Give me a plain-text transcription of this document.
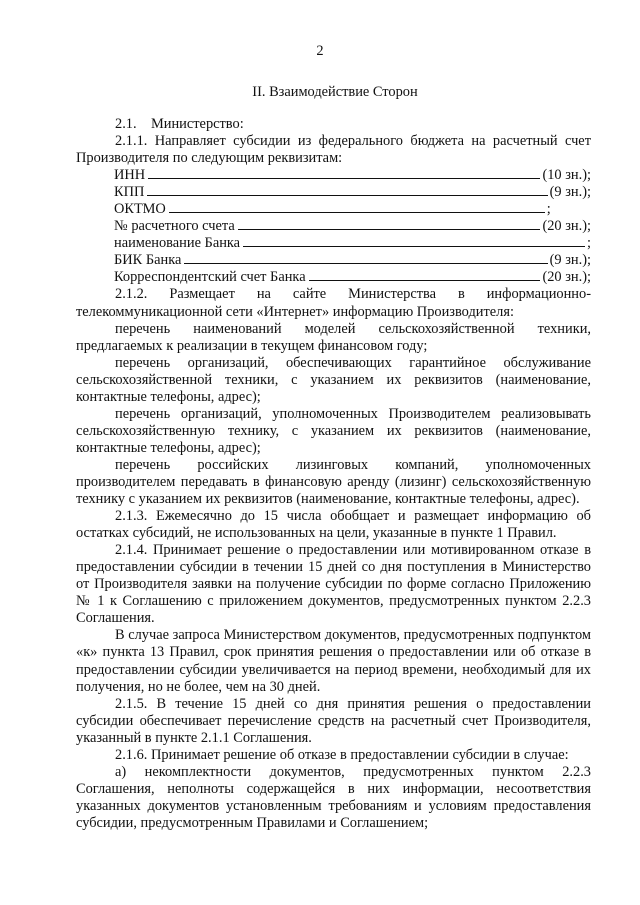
2
II. Взаимодействие Сторон

2.1.    Министерство:

2.1.1. Направляет субсидии из федерального бюджета на расчетный счет Производителя по следующим реквизитам:

ИНН	(10 зн.);
КПП	(9 зн.);
ОКТМО	;
№ расчетного счета	(20 зн.);
наименование Банка	;
БИК Банка	(9 зн.);
Корреспондентский счет Банка	(20 зн.);

2.1.2. Размещает на сайте Министерства в информационно-телекоммуникационной сети «Интернет» информацию Производителя:

перечень наименований моделей сельскохозяйственной техники, предлагаемых к реализации в текущем финансовом году;

перечень организаций, обеспечивающих гарантийное обслуживание сельскохозяйственной техники, с указанием их реквизитов (наименование, контактные телефоны, адрес);

перечень организаций, уполномоченных Производителем реализовывать сельскохозяйственную технику, с указанием их реквизитов (наименование, контактные телефоны, адрес);

перечень российских лизинговых компаний, уполномоченных производителем передавать в финансовую аренду (лизинг) сельскохозяйственную технику с указанием их реквизитов (наименование, контактные телефоны, адрес).

2.1.3. Ежемесячно до 15 числа обобщает и размещает информацию об остатках субсидий, не использованных на цели, указанные в пункте 1 Правил.

2.1.4. Принимает решение о предоставлении или мотивированном отказе в предоставлении субсидии в течении 15 дней со дня поступления в Министерство от Производителя заявки на получение субсидии по форме согласно Приложению № 1 к Соглашению с приложением документов, предусмотренных пунктом 2.2.3 Соглашения.

В случае запроса Министерством документов, предусмотренных подпунктом «к» пункта 13 Правил, срок принятия решения о предоставлении или об отказе в предоставлении субсидии увеличивается на период времени, необходимый для их получения, но не более, чем на 30 дней.

2.1.5. В течение 15 дней со дня принятия решения о предоставлении субсидии обеспечивает перечисление средств на расчетный счет Производителя, указанный в пункте 2.1.1 Соглашения.

2.1.6. Принимает решение об отказе в предоставлении субсидии в случае:

а) некомплектности документов, предусмотренных пунктом 2.2.3 Соглашения, неполноты содержащейся в них информации, несоответствия указанных документов установленным требованиям и условиям предоставления субсидии, предусмотренным Правилами и Соглашением;
